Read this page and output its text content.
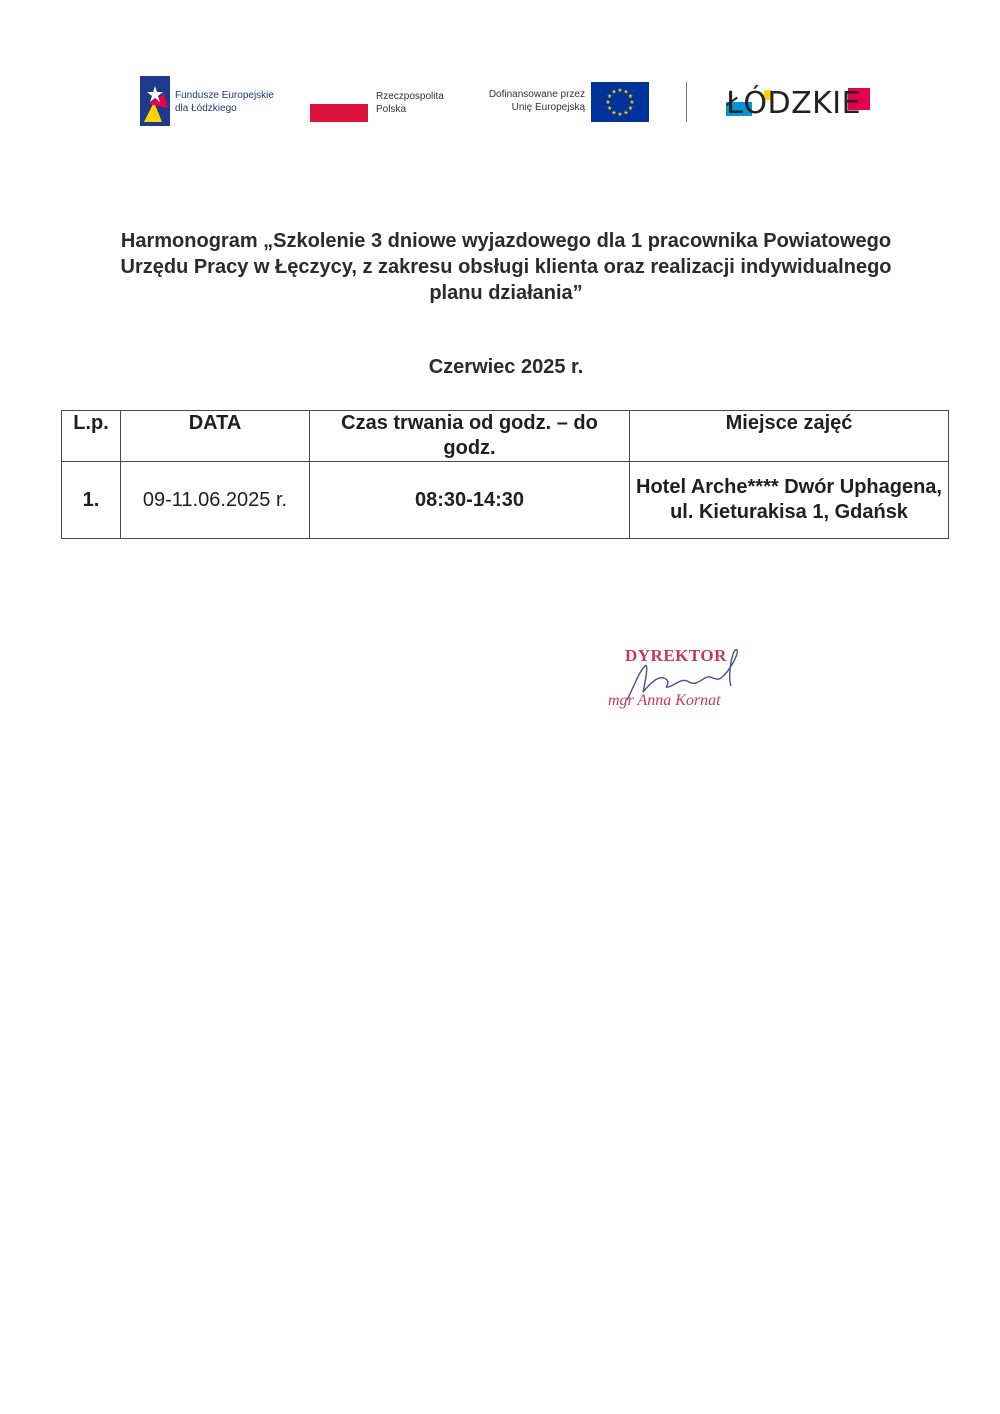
Fundusze Europejskie
dla Łódzkiego
Rzeczpospolita
Polska
Dofinansowane przez
Unię Europejską
★ ★
★
★
★
★
★
★
★
★
★
★	ŁÓDZKIE

Harmonogram „Szkolenie 3 dniowe wyjazdowego dla 1 pracownika Powiatowego Urzędu Pracy w Łęczycy, z zakresu obsługi klienta oraz realizacji indywidualnego planu działania”

Czerwiec 2025 r.

L.p.	DATA	Czas trwania od godz. – do godz.	Miejsce zajęć
1.	09-11.06.2025 r.	08:30-14:30	Hotel Arche**** Dwór Uphagena, ul. Kieturakisa 1, Gdańsk
DYREKTOR
mgr Anna Kornat
